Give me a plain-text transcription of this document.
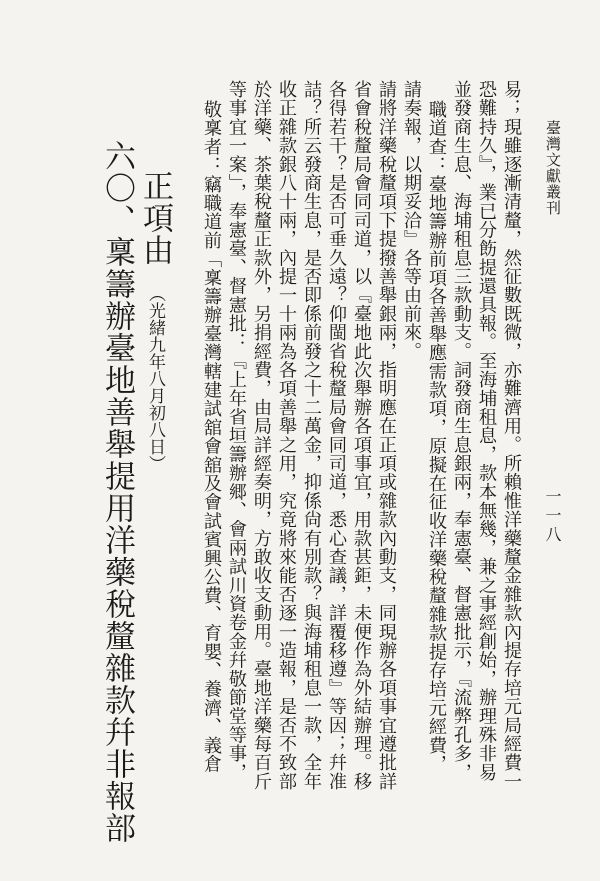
臺灣文獻叢刊
一一八
六〇、稟籌辦臺地善舉提用洋藥稅釐雜款幷非報部 正項由
（光緒九年八月初八日） 敬稟者：竊職道前「稟籌辦臺灣轄建試舘會舘及會試賓興公費、育嬰、養濟、義倉 等事宜一案」，奉憲臺、督憲批：『上年省垣籌辦郷、會兩試川資卷金幷敬節堂等事， 於洋藥、茶葉稅釐正款外，另捐經費，由局詳經奏明，方敢收支動用。臺地洋藥每百斤 收正雜款銀八十兩，內提一十兩為各項善舉之用，究竟將來能否逐一造報，是否不致部 詰？所云發商生息，是否即係前發之十二萬金，抑係尙有別款？與海埔租息一款，全年 各得若干？是否可垂久遠？仰閩省稅釐局會同司道，悉心查議，詳覆移遵』等因；幷准 省會稅釐局會同司道，以『臺地此次舉辦各項事宜，用款甚鉅，未便作為外結辦理。移 請將洋藥稅釐項下提撥善舉銀兩，指明應在正項或雜款內動支，同現辦各項事宜遵批詳 請奏報，以期妥洽』各等由前來。 職道查：臺地籌辦前項各善舉應需款項，原擬在征收洋藥稅釐雜款提存培元經費， 並發商生息、海埔租息三款動支。詞發商生息銀兩，奉憲臺、督憲批示，『流弊孔多， 恐難持久』，業已分飭提還具報。至海埔租息，款本無幾，兼之事經創始，辦理殊非易 易；現雖逐漸清釐，然征數既微，亦難濟用。所賴惟洋藥釐金雜款內提存培元局經費一
